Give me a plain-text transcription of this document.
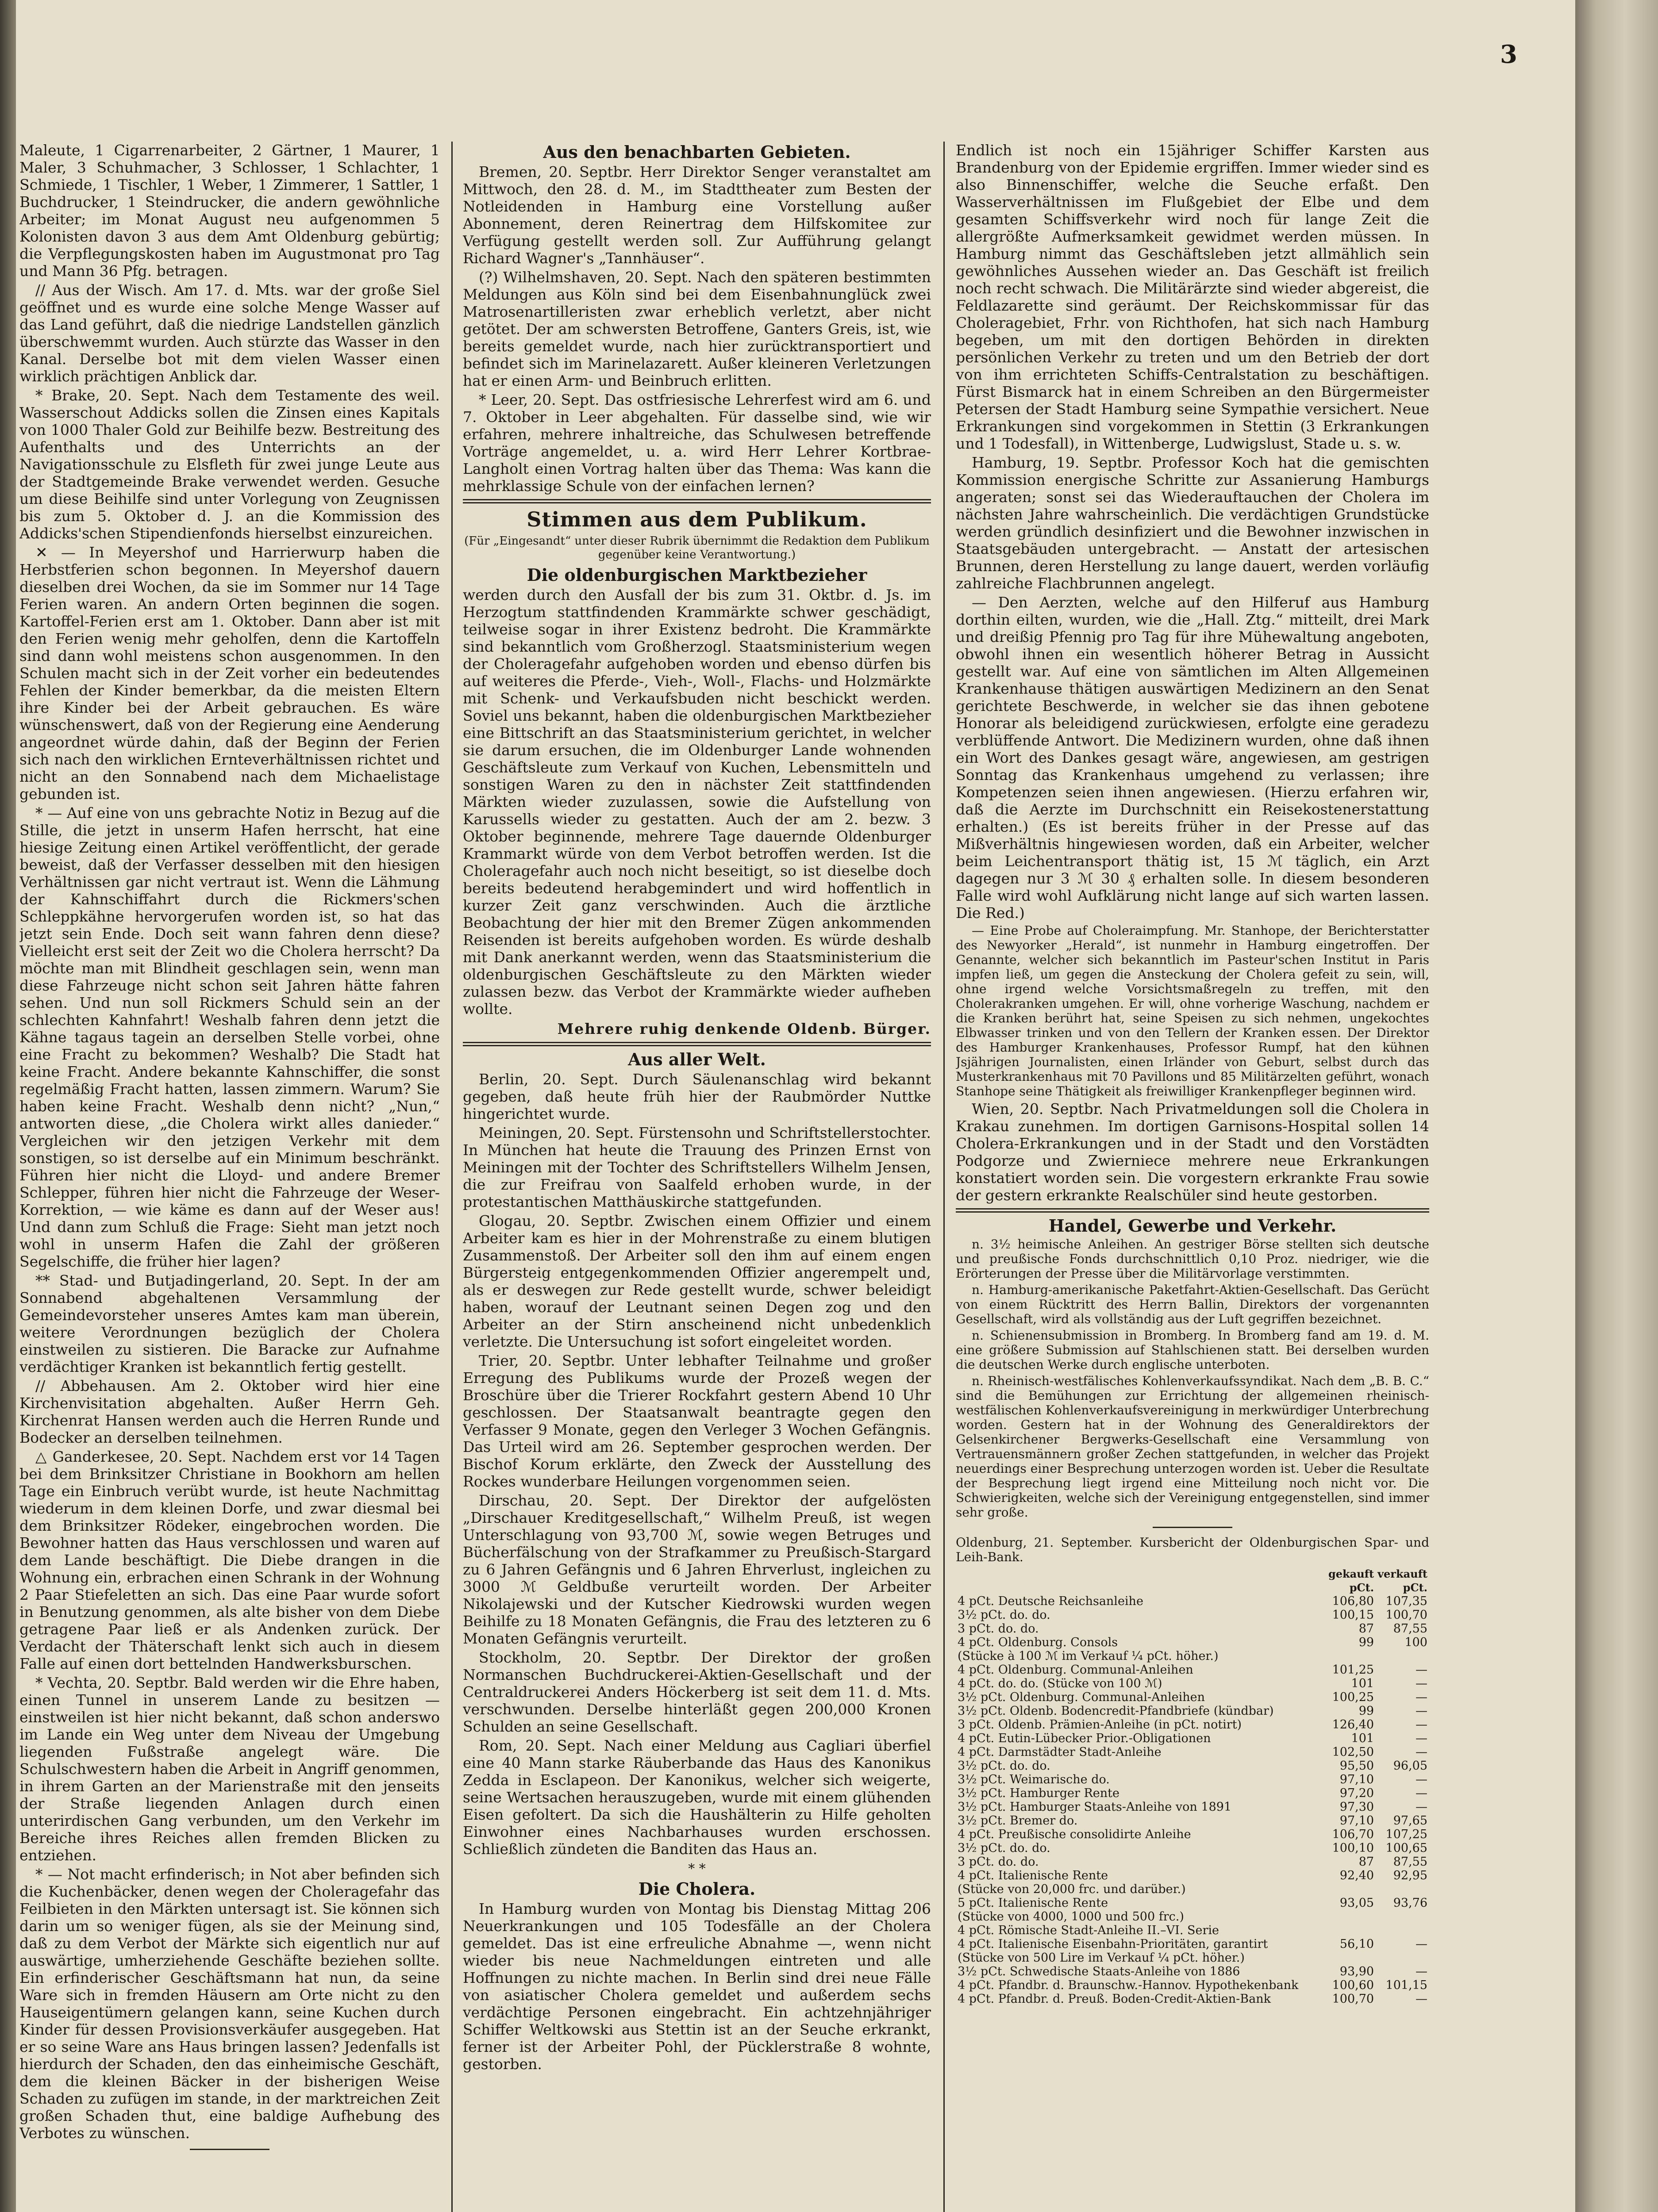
3

Maleute, 1 Cigarrenarbeiter, 2 Gärtner, 1 Maurer, 1 Maler, 3 Schuhmacher, 3 Schlosser, 1 Schlachter, 1 Schmiede, 1 Tischler, 1 Weber, 1 Zimmerer, 1 Sattler, 1 Buchdrucker, 1 Steindrucker, die andern gewöhnliche Arbeiter; im Monat August neu aufgenommen 5 Kolonisten davon 3 aus dem Amt Oldenburg gebürtig; die Verpflegungskosten haben im Augustmonat pro Tag und Mann 36 Pfg. betragen.

// Aus der Wisch. Am 17. d. Mts. war der große Siel geöffnet und es wurde eine solche Menge Wasser auf das Land geführt, daß die niedrige Landstellen gänzlich überschwemmt wurden. Auch stürzte das Wasser in den Kanal. Derselbe bot mit dem vielen Wasser einen wirklich prächtigen Anblick dar.

* Brake, 20. Sept. Nach dem Testamente des weil. Wasserschout Addicks sollen die Zinsen eines Kapitals von 1000 Thaler Gold zur Beihilfe bezw. Bestreitung des Aufenthalts und des Unterrichts an der Navigationsschule zu Elsfleth für zwei junge Leute aus der Stadtgemeinde Brake verwendet werden. Gesuche um diese Beihilfe sind unter Vorlegung von Zeugnissen bis zum 5. Oktober d. J. an die Kommission des Addicks'schen Stipendienfonds hierselbst einzureichen.

✕ — In Meyershof und Harrierwurp haben die Herbstferien schon begonnen. In Meyershof dauern dieselben drei Wochen, da sie im Sommer nur 14 Tage Ferien waren. An andern Orten beginnen die sogen. Kartoffel-Ferien erst am 1. Oktober. Dann aber ist mit den Ferien wenig mehr geholfen, denn die Kartoffeln sind dann wohl meistens schon ausgenommen. In den Schulen macht sich in der Zeit vorher ein bedeutendes Fehlen der Kinder bemerkbar, da die meisten Eltern ihre Kinder bei der Arbeit gebrauchen. Es wäre wünschenswert, daß von der Regierung eine Aenderung angeordnet würde dahin, daß der Beginn der Ferien sich nach den wirklichen Ernteverhältnissen richtet und nicht an den Sonnabend nach dem Michaelistage gebunden ist.

* — Auf eine von uns gebrachte Notiz in Bezug auf die Stille, die jetzt in unserm Hafen herrscht, hat eine hiesige Zeitung einen Artikel veröffentlicht, der gerade beweist, daß der Verfasser desselben mit den hiesigen Verhältnissen gar nicht vertraut ist. Wenn die Lähmung der Kahnschiffahrt durch die Rickmers'schen Schleppkähne hervorgerufen worden ist, so hat das jetzt sein Ende. Doch seit wann fahren denn diese? Vielleicht erst seit der Zeit wo die Cholera herrscht? Da möchte man mit Blindheit geschlagen sein, wenn man diese Fahrzeuge nicht schon seit Jahren hätte fahren sehen. Und nun soll Rickmers Schuld sein an der schlechten Kahnfahrt! Weshalb fahren denn jetzt die Kähne tagaus tagein an derselben Stelle vorbei, ohne eine Fracht zu bekommen? Weshalb? Die Stadt hat keine Fracht. Andere bekannte Kahnschiffer, die sonst regelmäßig Fracht hatten, lassen zimmern. Warum? Sie haben keine Fracht. Weshalb denn nicht? „Nun,“ antworten diese, „die Cholera wirkt alles danieder.“ Vergleichen wir den jetzigen Verkehr mit dem sonstigen, so ist derselbe auf ein Minimum beschränkt. Führen hier nicht die Lloyd- und andere Bremer Schlepper, führen hier nicht die Fahrzeuge der Weser-Korrektion, — wie käme es dann auf der Weser aus! Und dann zum Schluß die Frage: Sieht man jetzt noch wohl in unserm Hafen die Zahl der größeren Segelschiffe, die früher hier lagen?

** Stad- und Butjadingerland, 20. Sept. In der am Sonnabend abgehaltenen Versammlung der Gemeindevorsteher unseres Amtes kam man überein, weitere Verordnungen bezüglich der Cholera einstweilen zu sistieren. Die Baracke zur Aufnahme verdächtiger Kranken ist bekanntlich fertig gestellt.

// Abbehausen. Am 2. Oktober wird hier eine Kirchenvisitation abgehalten. Außer Herrn Geh. Kirchenrat Hansen werden auch die Herren Runde und Bodecker an derselben teilnehmen.

△ Ganderkesee, 20. Sept. Nachdem erst vor 14 Tagen bei dem Brinksitzer Christiane in Bookhorn am hellen Tage ein Einbruch verübt wurde, ist heute Nachmittag wiederum in dem kleinen Dorfe, und zwar diesmal bei dem Brinksitzer Rödeker, eingebrochen worden. Die Bewohner hatten das Haus verschlossen und waren auf dem Lande beschäftigt. Die Diebe drangen in die Wohnung ein, erbrachen einen Schrank in der Wohnung 2 Paar Stiefeletten an sich. Das eine Paar wurde sofort in Benutzung genommen, als alte bisher von dem Diebe getragene Paar ließ er als Andenken zurück. Der Verdacht der Thäterschaft lenkt sich auch in diesem Falle auf einen dort bettelnden Handwerksburschen.

* Vechta, 20. Septbr. Bald werden wir die Ehre haben, einen Tunnel in unserem Lande zu besitzen — einstweilen ist hier nicht bekannt, daß schon anderswo im Lande ein Weg unter dem Niveau der Umgebung liegenden Fußstraße angelegt wäre. Die Schulschwestern haben die Arbeit in Angriff genommen, in ihrem Garten an der Marienstraße mit den jenseits der Straße liegenden Anlagen durch einen unterirdischen Gang verbunden, um den Verkehr im Bereiche ihres Reiches allen fremden Blicken zu entziehen.

* — Not macht erfinderisch; in Not aber befinden sich die Kuchenbäcker, denen wegen der Choleragefahr das Feilbieten in den Märkten untersagt ist. Sie können sich darin um so weniger fügen, als sie der Meinung sind, daß zu dem Verbot der Märkte sich eigentlich nur auf auswärtige, umherziehende Geschäfte beziehen sollte. Ein erfinderischer Geschäftsmann hat nun, da seine Ware sich in fremden Häusern am Orte nicht zu den Hauseigentümern gelangen kann, seine Kuchen durch Kinder für dessen Provisionsverkäufer ausgegeben. Hat er so seine Ware ans Haus bringen lassen? Jedenfalls ist hierdurch der Schaden, den das einheimische Geschäft, dem die kleinen Bäcker in der bisherigen Weise Schaden zu zufügen im stande, in der marktreichen Zeit großen Schaden thut, eine baldige Aufhebung des Verbotes zu wünschen.

Aus den benachbarten Gebieten.

Bremen, 20. Septbr. Herr Direktor Senger veranstaltet am Mittwoch, den 28. d. M., im Stadttheater zum Besten der Notleidenden in Hamburg eine Vorstellung außer Abonnement, deren Reinertrag dem Hilfskomitee zur Verfügung gestellt werden soll. Zur Aufführung gelangt Richard Wagner's „Tannhäuser“.

(?) Wilhelmshaven, 20. Sept. Nach den späteren bestimmten Meldungen aus Köln sind bei dem Eisenbahnunglück zwei Matrosenartilleristen zwar erheblich verletzt, aber nicht getötet. Der am schwersten Betroffene, Ganters Greis, ist, wie bereits gemeldet wurde, nach hier zurücktransportiert und befindet sich im Marinelazarett. Außer kleineren Verletzungen hat er einen Arm- und Beinbruch erlitten.

* Leer, 20. Sept. Das ostfriesische Lehrerfest wird am 6. und 7. Oktober in Leer abgehalten. Für dasselbe sind, wie wir erfahren, mehrere inhaltreiche, das Schulwesen betreffende Vorträge angemeldet, u. a. wird Herr Lehrer Kortbrae-Langholt einen Vortrag halten über das Thema: Was kann die mehrklassige Schule von der einfachen lernen?

Stimmen aus dem Publikum.
(Für „Eingesandt“ unter dieser Rubrik übernimmt die Redaktion dem Publikum gegenüber keine Verantwortung.)
Die oldenburgischen Marktbezieher

werden durch den Ausfall der bis zum 31. Oktbr. d. Js. im Herzogtum stattfindenden Krammärkte schwer geschädigt, teilweise sogar in ihrer Existenz bedroht. Die Krammärkte sind bekanntlich vom Großherzogl. Staatsministerium wegen der Choleragefahr aufgehoben worden und ebenso dürfen bis auf weiteres die Pferde-, Vieh-, Woll-, Flachs- und Holzmärkte mit Schenk- und Verkaufsbuden nicht beschickt werden. Soviel uns bekannt, haben die oldenburgischen Marktbezieher eine Bittschrift an das Staatsministerium gerichtet, in welcher sie darum ersuchen, die im Oldenburger Lande wohnenden Geschäftsleute zum Verkauf von Kuchen, Lebensmitteln und sonstigen Waren zu den in nächster Zeit stattfindenden Märkten wieder zuzulassen, sowie die Aufstellung von Karussells wieder zu gestatten. Auch der am 2. bezw. 3 Oktober beginnende, mehrere Tage dauernde Oldenburger Krammarkt würde von dem Verbot betroffen werden. Ist die Choleragefahr auch noch nicht beseitigt, so ist dieselbe doch bereits bedeutend herabgemindert und wird hoffentlich in kurzer Zeit ganz verschwinden. Auch die ärztliche Beobachtung der hier mit den Bremer Zügen ankommenden Reisenden ist bereits aufgehoben worden. Es würde deshalb mit Dank anerkannt werden, wenn das Staatsministerium die oldenburgischen Geschäftsleute zu den Märkten wieder zulassen bezw. das Verbot der Krammärkte wieder aufheben wollte.

Mehrere ruhig denkende Oldenb. Bürger.
Aus aller Welt.

Berlin, 20. Sept. Durch Säulenanschlag wird bekannt gegeben, daß heute früh hier der Raubmörder Nuttke hingerichtet wurde.

Meiningen, 20. Sept. Fürstensohn und Schriftstellerstochter. In München hat heute die Trauung des Prinzen Ernst von Meiningen mit der Tochter des Schriftstellers Wilhelm Jensen, die zur Freifrau von Saalfeld erhoben wurde, in der protestantischen Matthäuskirche stattgefunden.

Glogau, 20. Septbr. Zwischen einem Offizier und einem Arbeiter kam es hier in der Mohrenstraße zu einem blutigen Zusammenstoß. Der Arbeiter soll den ihm auf einem engen Bürgersteig entgegenkommenden Offizier angerempelt und, als er deswegen zur Rede gestellt wurde, schwer beleidigt haben, worauf der Leutnant seinen Degen zog und den Arbeiter an der Stirn anscheinend nicht unbedenklich verletzte. Die Untersuchung ist sofort eingeleitet worden.

Trier, 20. Septbr. Unter lebhafter Teilnahme und großer Erregung des Publikums wurde der Prozeß wegen der Broschüre über die Trierer Rockfahrt gestern Abend 10 Uhr geschlossen. Der Staatsanwalt beantragte gegen den Verfasser 9 Monate, gegen den Verleger 3 Wochen Gefängnis. Das Urteil wird am 26. September gesprochen werden. Der Bischof Korum erklärte, den Zweck der Ausstellung des Rockes wunderbare Heilungen vorgenommen seien.

Dirschau, 20. Sept. Der Direktor der aufgelösten „Dirschauer Kreditgesellschaft,“ Wilhelm Preuß, ist wegen Unterschlagung von 93,700 ℳ, sowie wegen Betruges und Bücherfälschung von der Strafkammer zu Preußisch-Stargard zu 6 Jahren Gefängnis und 6 Jahren Ehrverlust, ingleichen zu 3000 ℳ Geldbuße verurteilt worden. Der Arbeiter Nikolajewski und der Kutscher Kiedrowski wurden wegen Beihilfe zu 18 Monaten Gefängnis, die Frau des letzteren zu 6 Monaten Gefängnis verurteilt.

Stockholm, 20. Septbr. Der Direktor der großen Normanschen Buchdruckerei-Aktien-Gesellschaft und der Centraldruckerei Anders Höckerberg ist seit dem 11. d. Mts. verschwunden. Derselbe hinterläßt gegen 200,000 Kronen Schulden an seine Gesellschaft.

Rom, 20. Sept. Nach einer Meldung aus Cagliari überfiel eine 40 Mann starke Räuberbande das Haus des Kanonikus Zedda in Esclapeon. Der Kanonikus, welcher sich weigerte, seine Wertsachen herauszugeben, wurde mit einem glühenden Eisen gefoltert. Da sich die Haushälterin zu Hilfe geholten Einwohner eines Nachbarhauses wurden erschossen. Schließlich zündeten die Banditen das Haus an.

* *
Die Cholera.

In Hamburg wurden von Montag bis Dienstag Mittag 206 Neuerkrankungen und 105 Todesfälle an der Cholera gemeldet. Das ist eine erfreuliche Abnahme —, wenn nicht wieder bis neue Nachmeldungen eintreten und alle Hoffnungen zu nichte machen. In Berlin sind drei neue Fälle von asiatischer Cholera gemeldet und außerdem sechs verdächtige Personen eingebracht. Ein achtzehnjähriger Schiffer Weltkowski aus Stettin ist an der Seuche erkrankt, ferner ist der Arbeiter Pohl, der Pücklerstraße 8 wohnte, gestorben.

Endlich ist noch ein 15jähriger Schiffer Karsten aus Brandenburg von der Epidemie ergriffen. Immer wieder sind es also Binnenschiffer, welche die Seuche erfaßt. Den Wasserverhältnissen im Flußgebiet der Elbe und dem gesamten Schiffsverkehr wird noch für lange Zeit die allergrößte Aufmerksamkeit gewidmet werden müssen. In Hamburg nimmt das Geschäftsleben jetzt allmählich sein gewöhnliches Aussehen wieder an. Das Geschäft ist freilich noch recht schwach. Die Militärärzte sind wieder abgereist, die Feldlazarette sind geräumt. Der Reichskommissar für das Choleragebiet, Frhr. von Richthofen, hat sich nach Hamburg begeben, um mit den dortigen Behörden in direkten persönlichen Verkehr zu treten und um den Betrieb der dort von ihm errichteten Schiffs-Centralstation zu beschäftigen. Fürst Bismarck hat in einem Schreiben an den Bürgermeister Petersen der Stadt Hamburg seine Sympathie versichert. Neue Erkrankungen sind vorgekommen in Stettin (3 Erkrankungen und 1 Todesfall), in Wittenberge, Ludwigslust, Stade u. s. w.

Hamburg, 19. Septbr. Professor Koch hat die gemischten Kommission energische Schritte zur Assanierung Hamburgs angeraten; sonst sei das Wiederauftauchen der Cholera im nächsten Jahre wahrscheinlich. Die verdächtigen Grundstücke werden gründlich desinfiziert und die Bewohner inzwischen in Staatsgebäuden untergebracht. — Anstatt der artesischen Brunnen, deren Herstellung zu lange dauert, werden vorläufig zahlreiche Flachbrunnen angelegt.

— Den Aerzten, welche auf den Hilferuf aus Hamburg dorthin eilten, wurden, wie die „Hall. Ztg.“ mitteilt, drei Mark und dreißig Pfennig pro Tag für ihre Mühewaltung angeboten, obwohl ihnen ein wesentlich höherer Betrag in Aussicht gestellt war. Auf eine von sämtlichen im Alten Allgemeinen Krankenhause thätigen auswärtigen Medizinern an den Senat gerichtete Beschwerde, in welcher sie das ihnen gebotene Honorar als beleidigend zurückwiesen, erfolgte eine geradezu verblüffende Antwort. Die Medizinern wurden, ohne daß ihnen ein Wort des Dankes gesagt wäre, angewiesen, am gestrigen Sonntag das Krankenhaus umgehend zu verlassen; ihre Kompetenzen seien ihnen angewiesen. (Hierzu erfahren wir, daß die Aerzte im Durchschnitt ein Reisekostenerstattung erhalten.) (Es ist bereits früher in der Presse auf das Mißverhältnis hingewiesen worden, daß ein Arbeiter, welcher beim Leichentransport thätig ist, 15 ℳ täglich, ein Arzt dagegen nur 3 ℳ 30 ₰ erhalten solle. In diesem besonderen Falle wird wohl Aufklärung nicht lange auf sich warten lassen. Die Red.)

— Eine Probe auf Choleraimpfung. Mr. Stanhope, der Berichterstatter des Newyorker „Herald“, ist nunmehr in Hamburg eingetroffen. Der Genannte, welcher sich bekanntlich im Pasteur'schen Institut in Paris impfen ließ, um gegen die Ansteckung der Cholera gefeit zu sein, will, ohne irgend welche Vorsichtsmaßregeln zu treffen, mit den Cholerakranken umgehen. Er will, ohne vorherige Waschung, nachdem er die Kranken berührt hat, seine Speisen zu sich nehmen, ungekochtes Elbwasser trinken und von den Tellern der Kranken essen. Der Direktor des Hamburger Krankenhauses, Professor Rumpf, hat den kühnen Jsjährigen Journalisten, einen Irländer von Geburt, selbst durch das Musterkrankenhaus mit 70 Pavillons und 85 Militärzelten geführt, wonach Stanhope seine Thätigkeit als freiwilliger Krankenpfleger beginnen wird.

Wien, 20. Septbr. Nach Privatmeldungen soll die Cholera in Krakau zunehmen. Im dortigen Garnisons-Hospital sollen 14 Cholera-Erkrankungen und in der Stadt und den Vorstädten Podgorze und Zwierniece mehrere neue Erkrankungen konstatiert worden sein. Die vorgestern erkrankte Frau sowie der gestern erkrankte Realschüler sind heute gestorben.

Handel, Gewerbe und Verkehr.

n. 3½ heimische Anleihen. An gestriger Börse stellten sich deutsche und preußische Fonds durchschnittlich 0,10 Proz. niedriger, wie die Erörterungen der Presse über die Militärvorlage verstimmten.

n. Hamburg-amerikanische Paketfahrt-Aktien-Gesellschaft. Das Gerücht von einem Rücktritt des Herrn Ballin, Direktors der vorgenannten Gesellschaft, wird als vollständig aus der Luft gegriffen bezeichnet.

n. Schienensubmission in Bromberg. In Bromberg fand am 19. d. M. eine größere Submission auf Stahlschienen statt. Bei derselben wurden die deutschen Werke durch englische unterboten.

n. Rheinisch-westfälisches Kohlenverkaufssyndikat. Nach dem „B. B. C.“ sind die Bemühungen zur Errichtung der allgemeinen rheinisch-westfälischen Kohlenverkaufsvereinigung in merkwürdiger Unterbrechung worden. Gestern hat in der Wohnung des Generaldirektors der Gelsenkirchener Bergwerks-Gesellschaft eine Versammlung von Vertrauensmännern großer Zechen stattgefunden, in welcher das Projekt neuerdings einer Besprechung unterzogen worden ist. Ueber die Resultate der Besprechung liegt irgend eine Mitteilung noch nicht vor. Die Schwierigkeiten, welche sich der Vereinigung entgegenstellen, sind immer sehr große.

Oldenburg, 21. September. Kursbericht der Oldenburgischen Spar- und Leih-Bank.
	gekauft	verkauft
	pCt.	pCt.
4 pCt. Deutsche Reichsanleihe	106,80	107,35
3½ pCt. do. do.	100,15	100,70
3 pCt. do. do.	87	87,55
4 pCt. Oldenburg. Consols	99	100
(Stücke à 100 ℳ im Verkauf ¼ pCt. höher.)		
4 pCt. Oldenburg. Communal-Anleihen	101,25	—
4 pCt. do. do. (Stücke von 100 ℳ)	101	—
3½ pCt. Oldenburg. Communal-Anleihen	100,25	—
3½ pCt. Oldenb. Bodencredit-Pfandbriefe (kündbar)	99	—
3 pCt. Oldenb. Prämien-Anleihe (in pCt. notirt)	126,40	—
4 pCt. Eutin-Lübecker Prior.-Obligationen	101	—
4 pCt. Darmstädter Stadt-Anleihe	102,50	—
3½ pCt. do. do.	95,50	96,05
3½ pCt. Weimarische do.	97,10	—
3½ pCt. Hamburger Rente	97,20	—
3½ pCt. Hamburger Staats-Anleihe von 1891	97,30	—
3½ pCt. Bremer do.	97,10	97,65
4 pCt. Preußische consolidirte Anleihe	106,70	107,25
3½ pCt. do. do.	100,10	100,65
3 pCt. do. do.	87	87,55
4 pCt. Italienische Rente	92,40	92,95
(Stücke von 20,000 frc. und darüber.)		
5 pCt. Italienische Rente	93,05	93,76
(Stücke von 4000, 1000 und 500 frc.)		
4 pCt. Römische Stadt-Anleihe II.–VI. Serie		
4 pCt. Italienische Eisenbahn-Prioritäten, garantirt	56,10	—
(Stücke von 500 Lire im Verkauf ¼ pCt. höher.)		
3½ pCt. Schwedische Staats-Anleihe von 1886	93,90	—
4 pCt. Pfandbr. d. Braunschw.-Hannov. Hypothekenbank	100,60	101,15
4 pCt. Pfandbr. d. Preuß. Boden-Credit-Aktien-Bank	100,70	—
